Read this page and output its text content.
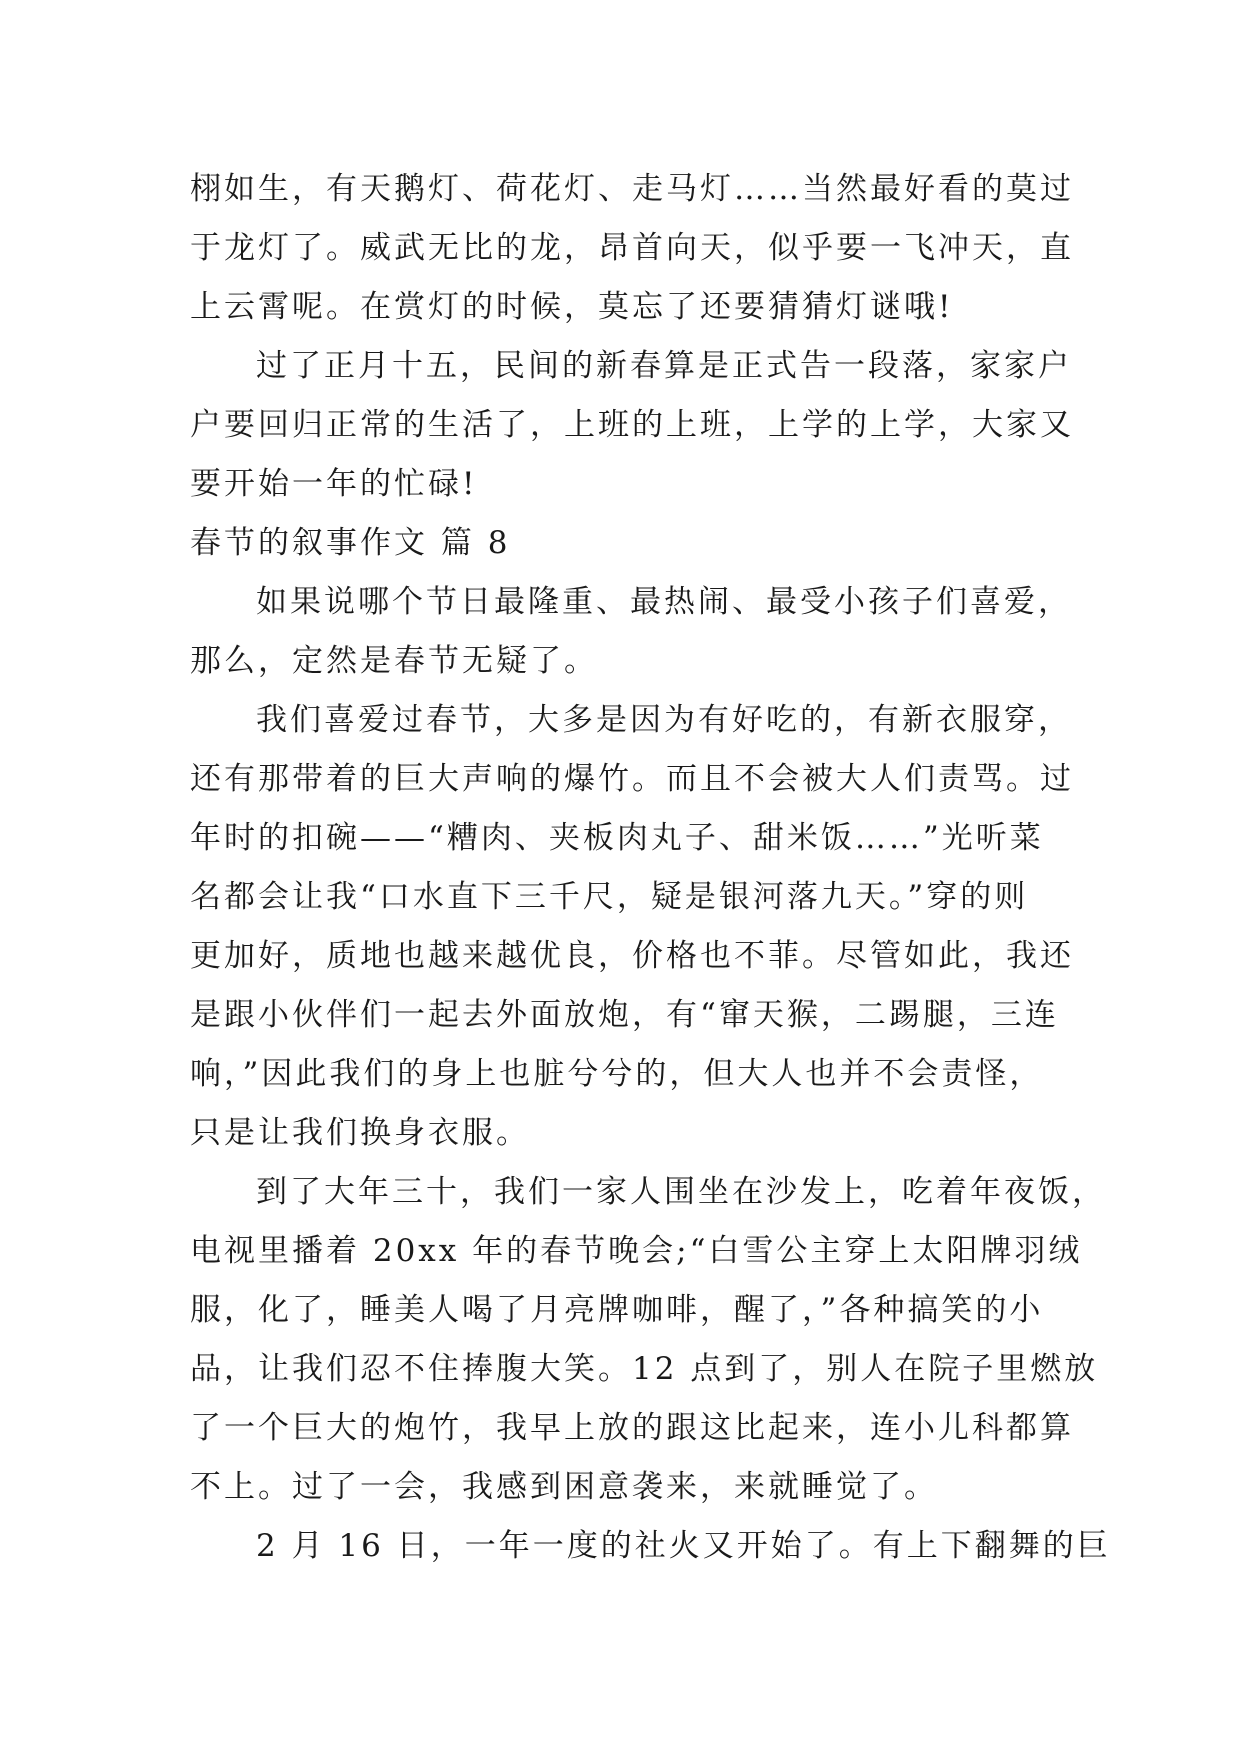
栩如生，有天鹅灯、荷花灯、走马灯……当然最好看的莫过
于龙灯了。威武无比的龙，昂首向天，似乎要一飞冲天，直
上云霄呢。在赏灯的时候，莫忘了还要猜猜灯谜哦!
过了正月十五，民间的新春算是正式告一段落，家家户
户要回归正常的生活了，上班的上班，上学的上学，大家又
要开始一年的忙碌!
春节的叙事作文 篇 8
如果说哪个节日最隆重、最热闹、最受小孩子们喜爱，
那么，定然是春节无疑了。
我们喜爱过春节，大多是因为有好吃的，有新衣服穿，
还有那带着的巨大声响的爆竹。而且不会被大人们责骂。过
年时的扣碗——“糟肉、夹板肉丸子、甜米饭……”光听菜
名都会让我“口水直下三千尺，疑是银河落九天。”穿的则
更加好，质地也越来越优良，价格也不菲。尽管如此，我还
是跟小伙伴们一起去外面放炮，有“窜天猴，二踢腿，三连
响，”因此我们的身上也脏兮兮的，但大人也并不会责怪，
只是让我们换身衣服。
到了大年三十，我们一家人围坐在沙发上，吃着年夜饭，
电视里播着 20xx 年的春节晚会;“白雪公主穿上太阳牌羽绒
服，化了，睡美人喝了月亮牌咖啡，醒了，”各种搞笑的小
品，让我们忍不住捧腹大笑。12 点到了，别人在院子里燃放
了一个巨大的炮竹，我早上放的跟这比起来，连小儿科都算
不上。过了一会，我感到困意袭来，来就睡觉了。
2 月 16 日，一年一度的社火又开始了。有上下翻舞的巨
